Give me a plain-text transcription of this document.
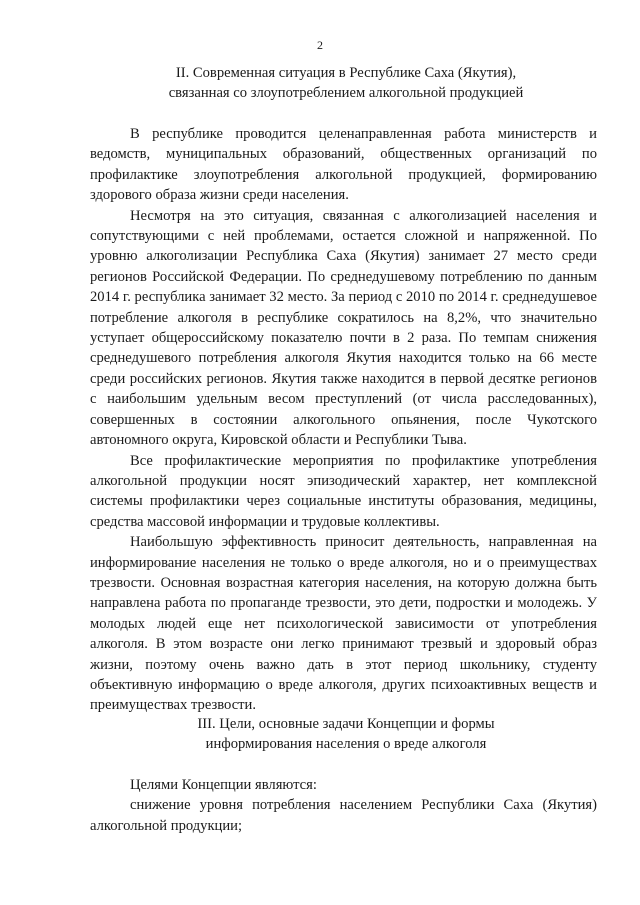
2
II. Современная ситуация в Республике Саха (Якутия),
связанная со злоупотреблением алкогольной продукцией

В республике проводится целенаправленная работа министерств и ведомств, муниципальных образований, общественных организаций по профилактике злоупотребления алкогольной продукцией, формированию здорового образа жизни среди населения.

Несмотря на это ситуация, связанная с алкоголизацией населения и сопутствующими с ней проблемами, остается сложной и напряженной. По уровню алкоголизации Республика Саха (Якутия) занимает 27 место среди регионов Российской Федерации. По среднедушевому потреблению по данным 2014 г. республика занимает 32 место. За период с 2010 по 2014 г. среднедушевое потребление алкоголя в республике сократилось на 8,2%, что значительно уступает общероссийскому показателю почти в 2 раза. По темпам снижения среднедушевого потребления алкоголя Якутия находится только на 66 месте среди российских регионов. Якутия также находится в первой десятке регионов с наибольшим удельным весом преступлений (от числа расследованных), совершенных в состоянии алкогольного опьянения, после Чукотского автономного округа, Кировской области и Республики Тыва.

Все профилактические мероприятия по профилактике употребления алкогольной продукции носят эпизодический характер, нет комплексной системы профилактики через социальные институты образования, медицины, средства массовой информации и трудовые коллективы.

Наибольшую эффективность приносит деятельность, направленная на информирование населения не только о вреде алкоголя, но и о преимуществах трезвости. Основная возрастная категория населения, на которую должна быть направлена работа по пропаганде трезвости, это дети, подростки и молодежь. У молодых людей еще нет психологической зависимости от употребления алкоголя. В этом возрасте они легко принимают трезвый и здоровый образ жизни, поэтому очень важно дать в этот период школьнику, студенту объективную информацию о вреде алкоголя, других психоактивных веществ и преимуществах трезвости.

III. Цели, основные задачи Концепции и формы
информирования населения о вреде алкоголя

Целями Концепции являются:

снижение уровня потребления населением Республики Саха (Якутия) алкогольной продукции;
